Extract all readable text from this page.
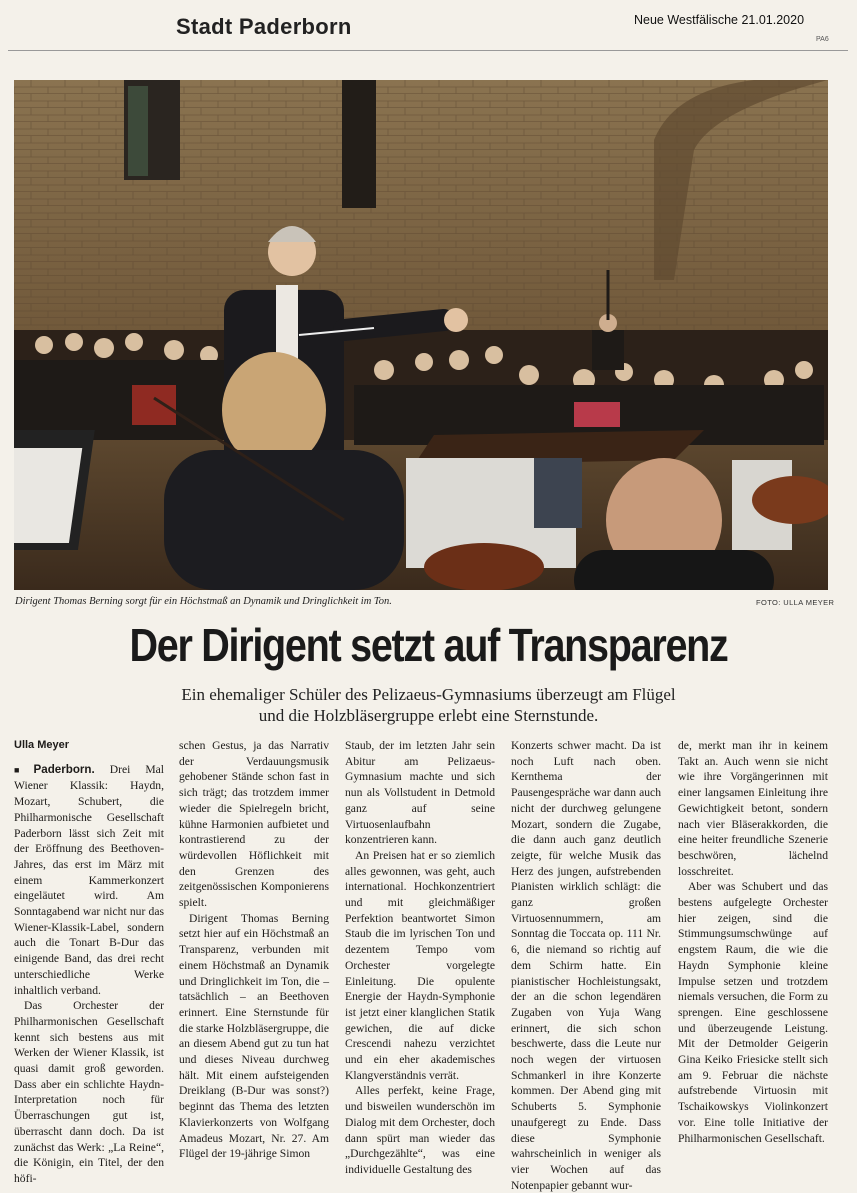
Stadt Paderborn	Neue Westfälische 21.01.2020
PA6
Dirigent Thomas Berning sorgt für ein Höchstmaß an Dynamik und Dringlichkeit im Ton.	FOTO: ULLA MEYER
Der Dirigent setzt auf Transparenz
Ein ehemaliger Schüler des Pelizaeus-Gymnasiums überzeugt am Flügel
und die Holzbläsergruppe erlebt eine Sternstunde.
Ulla Meyer

■ Paderborn. Drei Mal Wiener Klassik: Haydn, Mozart, Schubert, die Philharmonische Gesellschaft Paderborn lässt sich Zeit mit der Eröffnung des Beethoven-Jahres, das erst im März mit einem Kammerkonzert eingeläutet wird. Am Sonntagabend war nicht nur das Wiener-Klassik-Label, sondern auch die Tonart B-Dur das einigende Band, das drei recht unterschiedliche Werke inhaltlich verband.

Das Orchester der Philharmonischen Gesellschaft kennt sich bestens aus mit Werken der Wiener Klassik, ist quasi damit groß geworden. Dass aber ein schlichte Haydn-Interpretation noch für Überraschungen gut ist, überrascht dann doch. Da ist zunächst das Werk: „La Reine“, die Königin, ein Titel, der den höfi-

schen Gestus, ja das Narrativ der Verdauungsmusik gehobener Stände schon fast in sich trägt; das trotzdem immer wieder die Spielregeln bricht, kühne Harmonien aufbietet und kontrastierend zu der würdevollen Höflichkeit mit den Grenzen des zeitgenössischen Komponierens spielt.

Dirigent Thomas Berning setzt hier auf ein Höchstmaß an Transparenz, verbunden mit einem Höchstmaß an Dynamik und Dringlichkeit im Ton, die – tatsächlich – an Beethoven erinnert. Eine Sternstunde für die starke Holzbläsergruppe, die an diesem Abend gut zu tun hat und dieses Niveau durchweg hält. Mit einem aufsteigenden Dreiklang (B-Dur was sonst?) beginnt das Thema des letzten Klavierkonzerts von Wolfgang Amadeus Mozart, Nr. 27. Am Flügel der 19-jährige Simon

Staub, der im letzten Jahr sein Abitur am Pelizaeus-Gymnasium machte und sich nun als Vollstudent in Detmold ganz auf seine Virtuosenlaufbahn konzentrieren kann.

An Preisen hat er so ziemlich alles gewonnen, was geht, auch international. Hochkonzentriert und mit gleichmäßiger Perfektion beantwortet Simon Staub die im lyrischen Ton und dezentem Tempo vom Orchester vorgelegte Einleitung. Die opulente Energie der Haydn-Symphonie ist jetzt einer klanglichen Statik gewichen, die auf dicke Crescendi nahezu verzichtet und ein eher akademisches Klangverständnis verrät.

Alles perfekt, keine Frage, und bisweilen wunderschön im Dialog mit dem Orchester, doch dann spürt man wieder das „Durchgezählte“, was eine individuelle Gestaltung des

Konzerts schwer macht. Da ist noch Luft nach oben. Kernthema der Pausengespräche war dann auch nicht der durchweg gelungene Mozart, sondern die Zugabe, die dann auch ganz deutlich zeigte, für welche Musik das Herz des jungen, aufstrebenden Pianisten wirklich schlägt: die ganz großen Virtuosennummern, am Sonntag die Toccata op. 111 Nr. 6, die niemand so richtig auf dem Schirm hatte. Ein pianistischer Hochleistungsakt, der an die schon legendären Zugaben von Yuja Wang erinnert, die sich schon beschwerte, dass die Leute nur noch wegen der virtuosen Schmankerl in ihre Konzerte kommen. Der Abend ging mit Schuberts 5. Symphonie unaufgeregt zu Ende. Dass diese Symphonie wahrscheinlich in weniger als vier Wochen auf das Notenpapier gebannt wur-

de, merkt man ihr in keinem Takt an. Auch wenn sie nicht wie ihre Vorgängerinnen mit einer langsamen Einleitung ihre Gewichtigkeit betont, sondern nach vier Bläserakkorden, die eine heiter freundliche Szenerie beschwören, lächelnd losschreitet.

Aber was Schubert und das bestens aufgelegte Orchester hier zeigen, sind die Stimmungsumschwünge auf engstem Raum, die wie die Haydn Symphonie kleine Impulse setzen und trotzdem niemals versuchen, die Form zu sprengen. Eine geschlossene und überzeugende Leistung. Mit der Detmolder Geigerin Gina Keiko Friesicke stellt sich am 9. Februar die nächste aufstrebende Virtuosin mit Tschaikowskys Violinkonzert vor. Eine tolle Initiative der Philharmonischen Gesellschaft.
